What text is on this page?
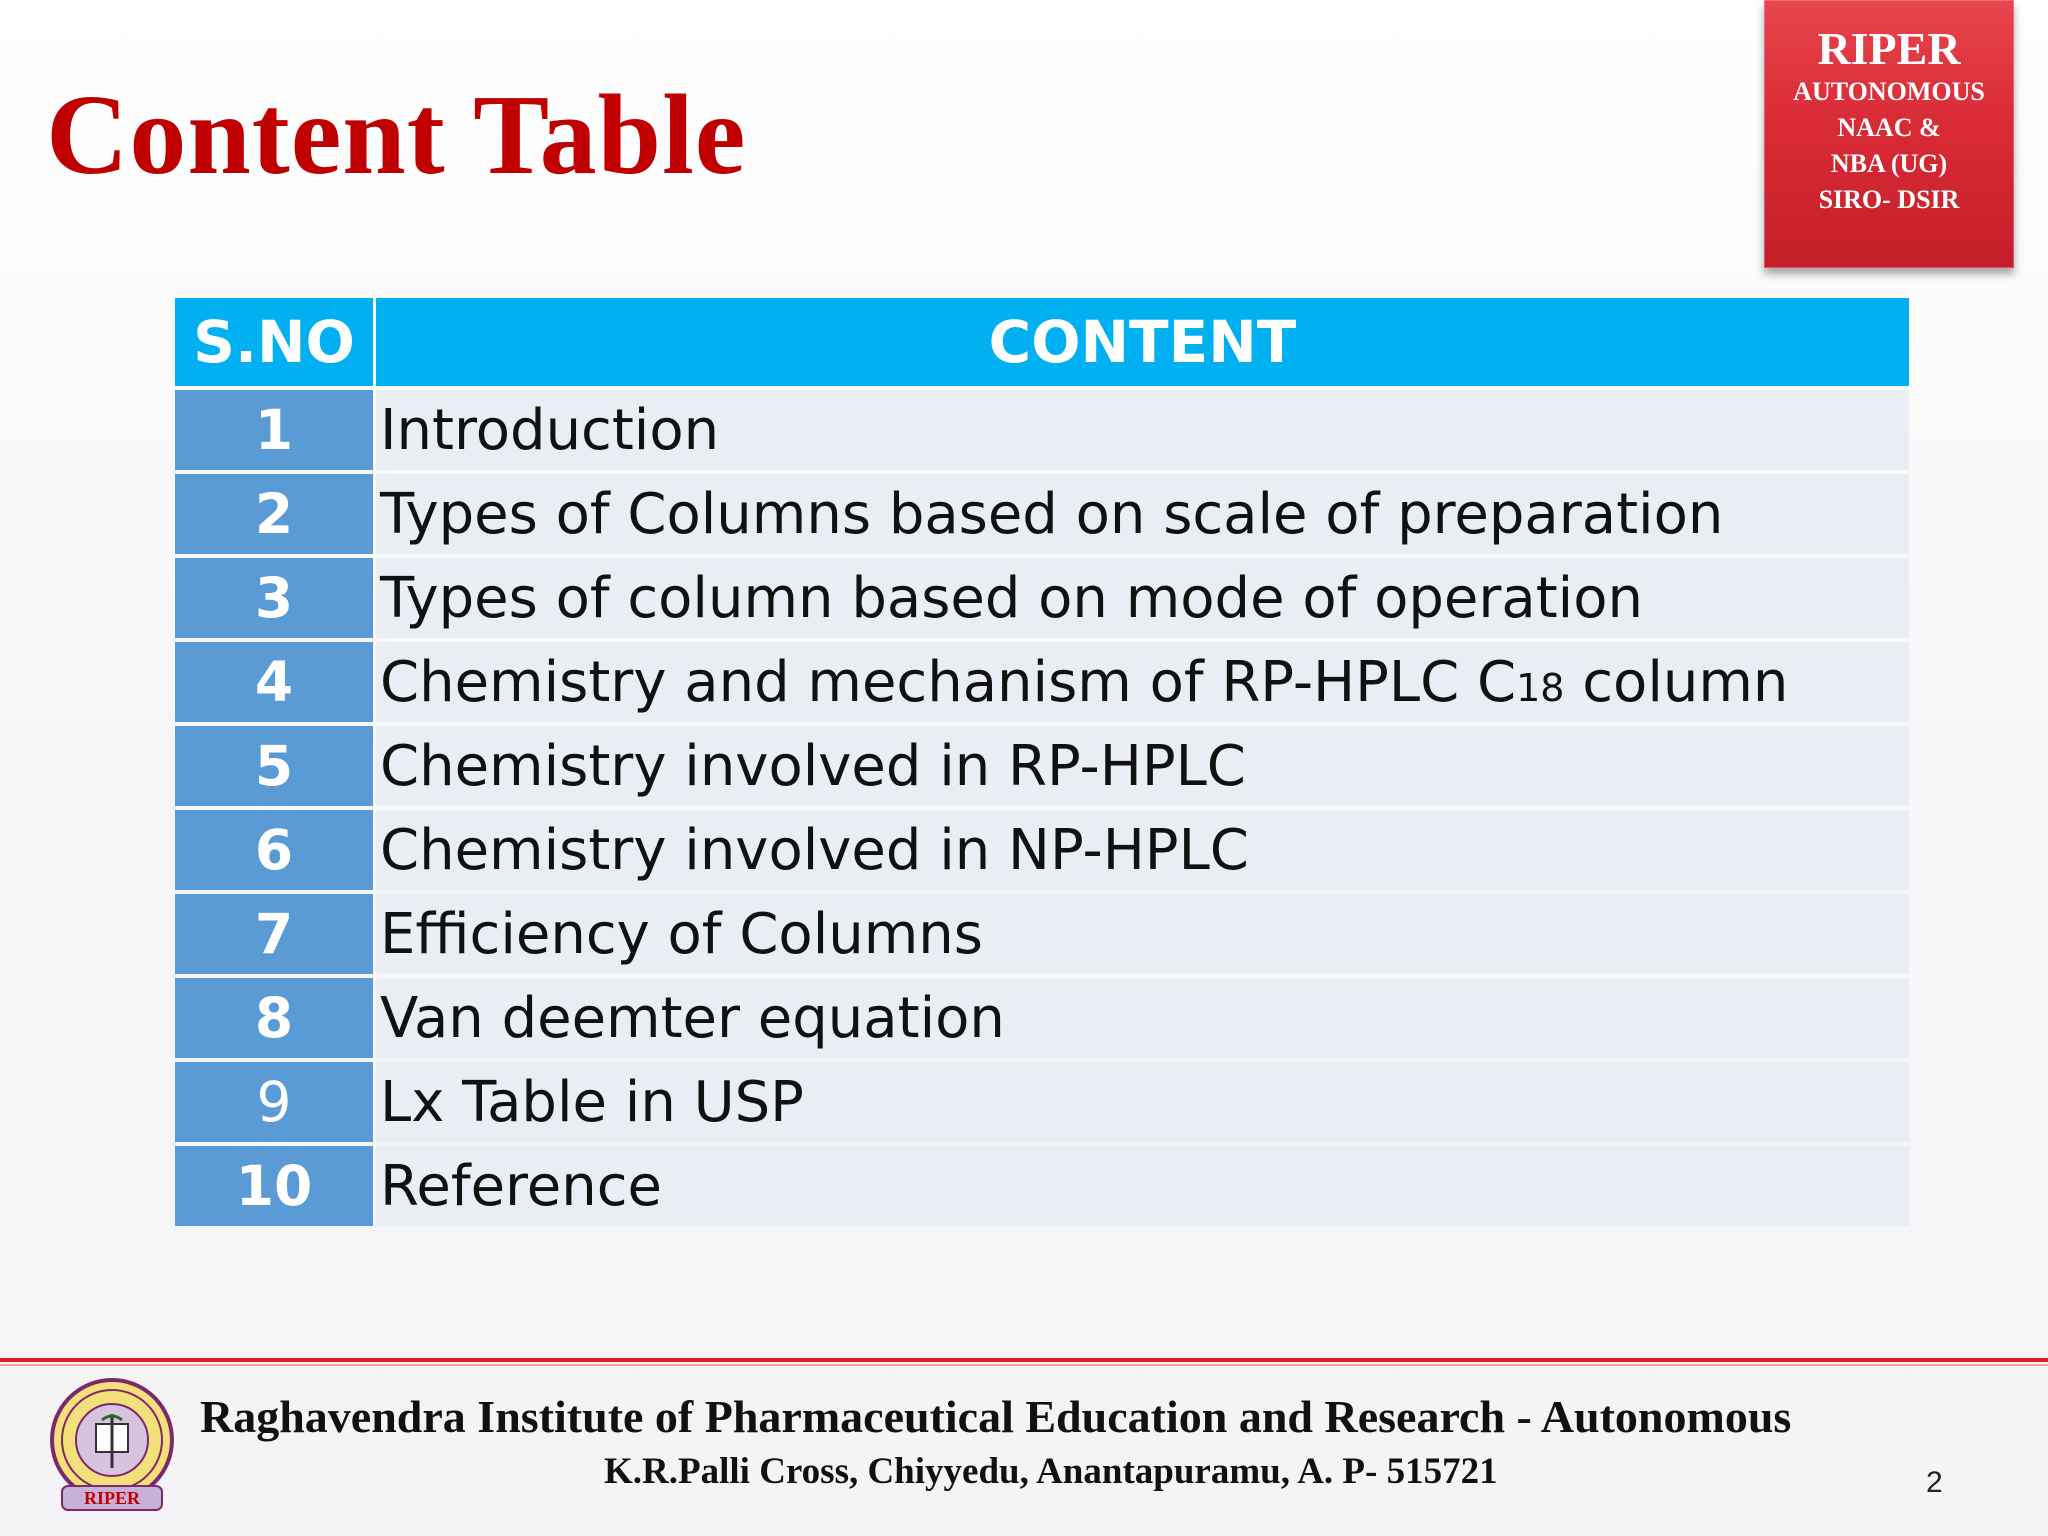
Content Table
RIPER
AUTONOMOUS
NAAC &
NBA (UG)
SIRO- DSIR
S.NO	CONTENT
1	Introduction
2	Types of Columns based on scale of preparation
3	Types of column based on mode of operation
4	Chemistry and mechanism of RP-HPLC C18 column
5	Chemistry involved in RP-HPLC
6	Chemistry involved in NP-HPLC
7	Efficiency of Columns
8	Van deemter equation
9	Lx Table in USP
10	Reference
RIPER

Raghavendra Institute of Pharmaceutical Education and Research - Autonomous

K.R.Palli Cross, Chiyyedu, Anantapuramu, A. P- 515721	2
